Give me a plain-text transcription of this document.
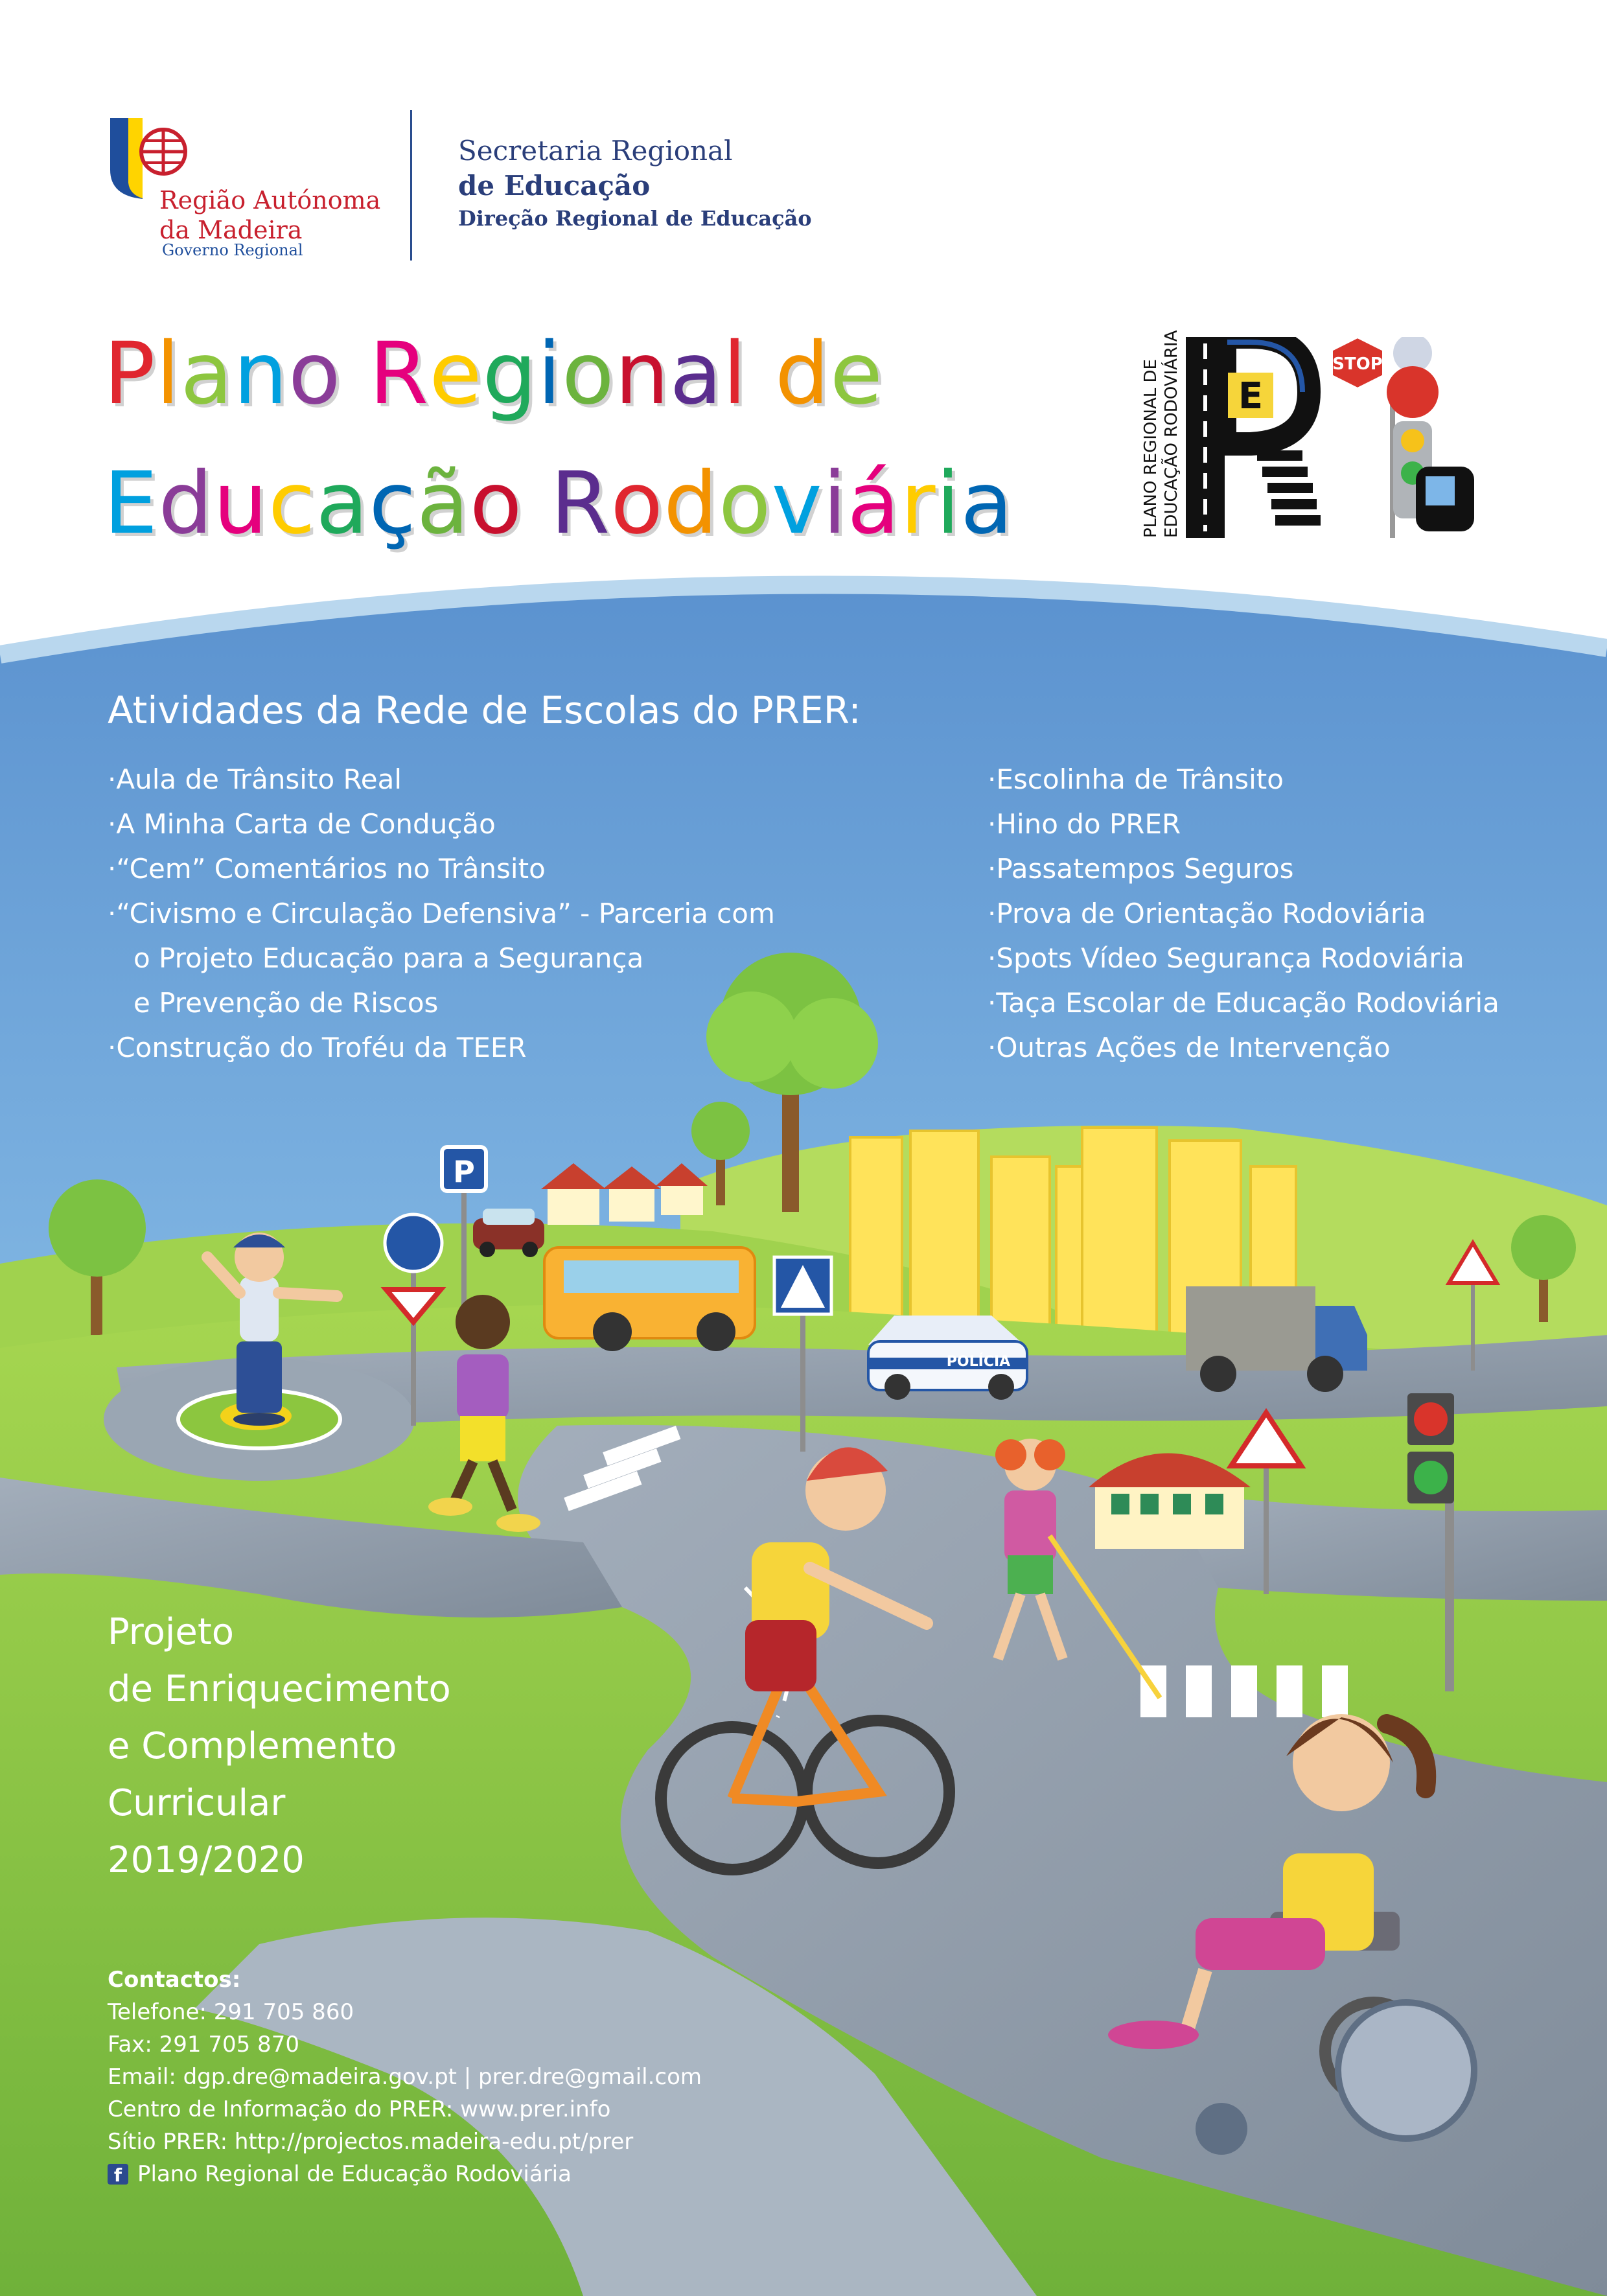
P
POLÍCIA
Região Autónoma
da Madeira
Governo Regional
Secretaria Regional
de Educação
Direção Regional de Educação
Plano Regional de
Educação Rodoviária	PLANO REGIONAL DE EDUCAÇÃO RODOVIÁRIA E
STOP
Atividades da Rede de Escolas do PRER:
· Aula de Trânsito Real
· A Minha Carta de Condução
· “Cem” Comentários no Trânsito
· “Civismo e Circulação Defensiva” - Parceria com
o Projeto Educação para a Segurança
e Prevenção de Riscos
· Construção do Troféu da TEER
· Escolinha de Trânsito
· Hino do PRER
· Passatempos Seguros
· Prova de Orientação Rodoviária
· Spots Vídeo Segurança Rodoviária
· Taça Escolar de Educação Rodoviária
· Outras Ações de Intervenção
Projeto
de Enriquecimento
e Complemento
Curricular
2019/2020
Contactos:
Telefone: 291 705 860
Fax: 291 705 870
Email: dgp.dre@madeira.gov.pt | prer.dre@gmail.com
Centro de Informação do PRER: www.prer.info
Sítio PRER: http://projectos.madeira-edu.pt/prer
f Plano Regional de Educação Rodoviária
